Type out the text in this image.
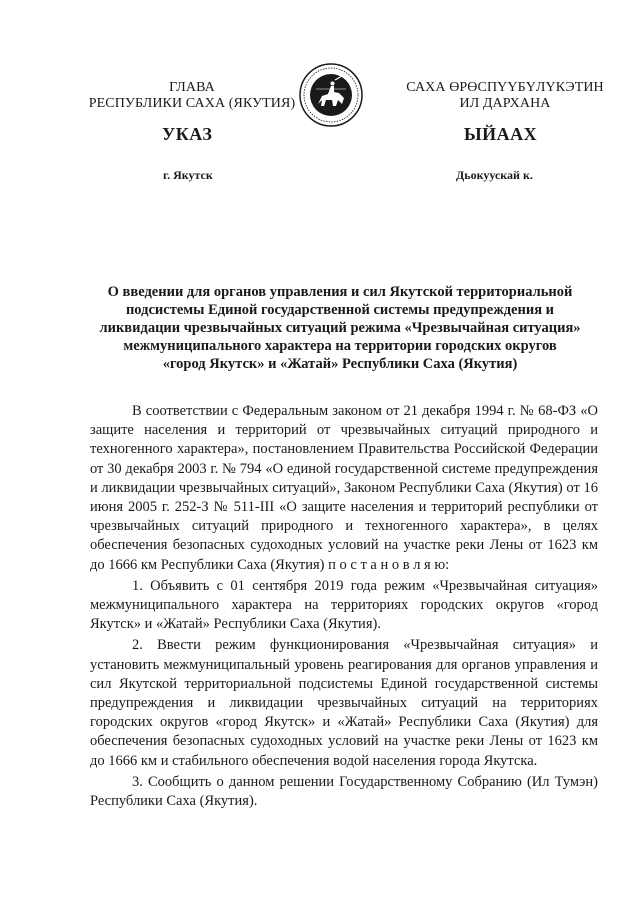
ГЛАВА
РЕСПУБЛИКИ САХА (ЯКУТИЯ)
САХА ӨРӨСПҮҮБҮЛҮКЭТИН
ИЛ ДАРХАНА
УКАЗ	ЫЙААХ
г. Якутск	Дьокуускай к.
О введении для органов управления и сил Якутской территориальной
подсистемы Единой государственной системы предупреждения и
ликвидации чрезвычайных ситуаций режима «Чрезвычайная ситуация»
межмуниципального характера на территории городских округов
«город Якутск» и «Жатай» Республики Саха (Якутия)

В соответствии с Федеральным законом от 21 декабря 1994 г. № 68-ФЗ «О защите населения и территорий от чрезвычайных ситуаций природного и техногенного характера», постановлением Правительства Российской Федерации от 30 декабря 2003 г. № 794 «О единой государственной системе предупреждения и ликвидации чрезвычайных ситуаций», Законом Республики Саха (Якутия) от 16 июня 2005 г. 252-З № 511-III «О защите населения и территорий республики от чрезвычайных ситуаций природного и техногенного характера», в целях обеспечения безопасных судоходных условий на участке реки Лены от 1623 км до 1666 км Республики Саха (Якутия) п о с т а н о в л я ю:

1. Объявить с 01 сентября 2019 года режим «Чрезвычайная ситуация» межмуниципального характера на территориях городских округов «город Якутск» и «Жатай» Республики Саха (Якутия).

2. Ввести режим функционирования «Чрезвычайная ситуация» и установить межмуниципальный уровень реагирования для органов управления и сил Якутской территориальной подсистемы Единой государственной системы предупреждения и ликвидации чрезвычайных ситуаций на территориях городских округов «город Якутск» и «Жатай» Республики Саха (Якутия) для обеспечения безопасных судоходных условий на участке реки Лены от 1623 км до 1666 км и стабильного обеспечения водой населения города Якутска.

3. Сообщить о данном решении Государственному Собранию (Ил Тумэн) Республики Саха (Якутия).
